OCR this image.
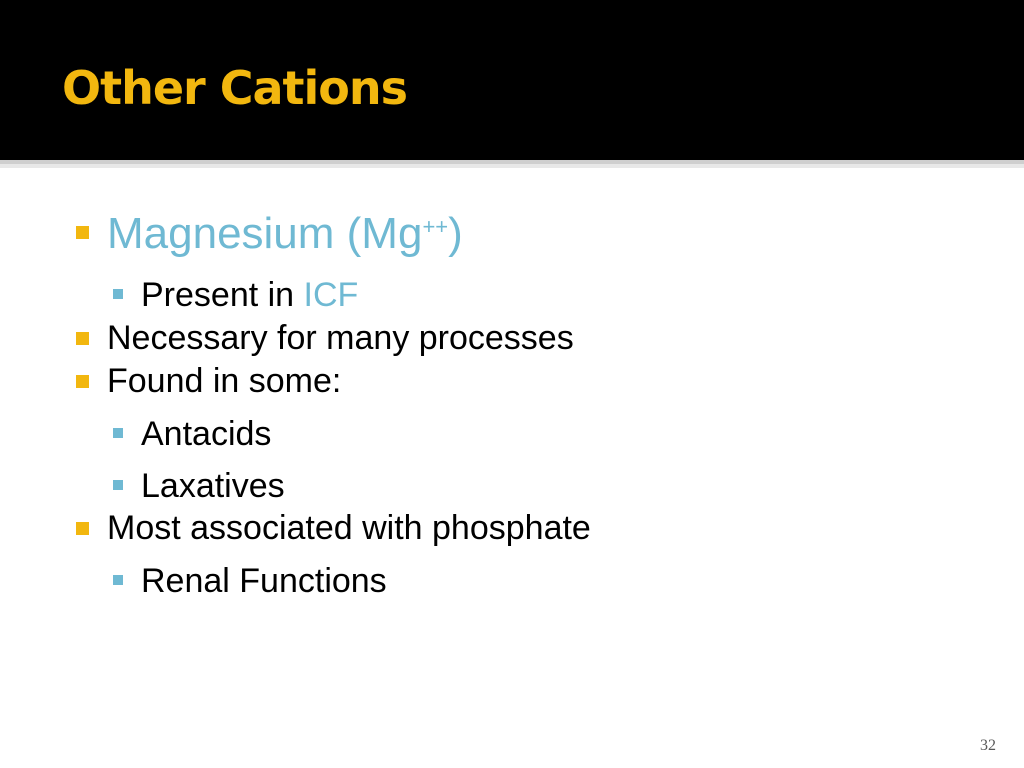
Other Cations
Magnesium (Mg++)
Present in ICF
Necessary for many processes
Found in some:
Antacids
Laxatives
Most associated with phosphate
Renal Functions
32
